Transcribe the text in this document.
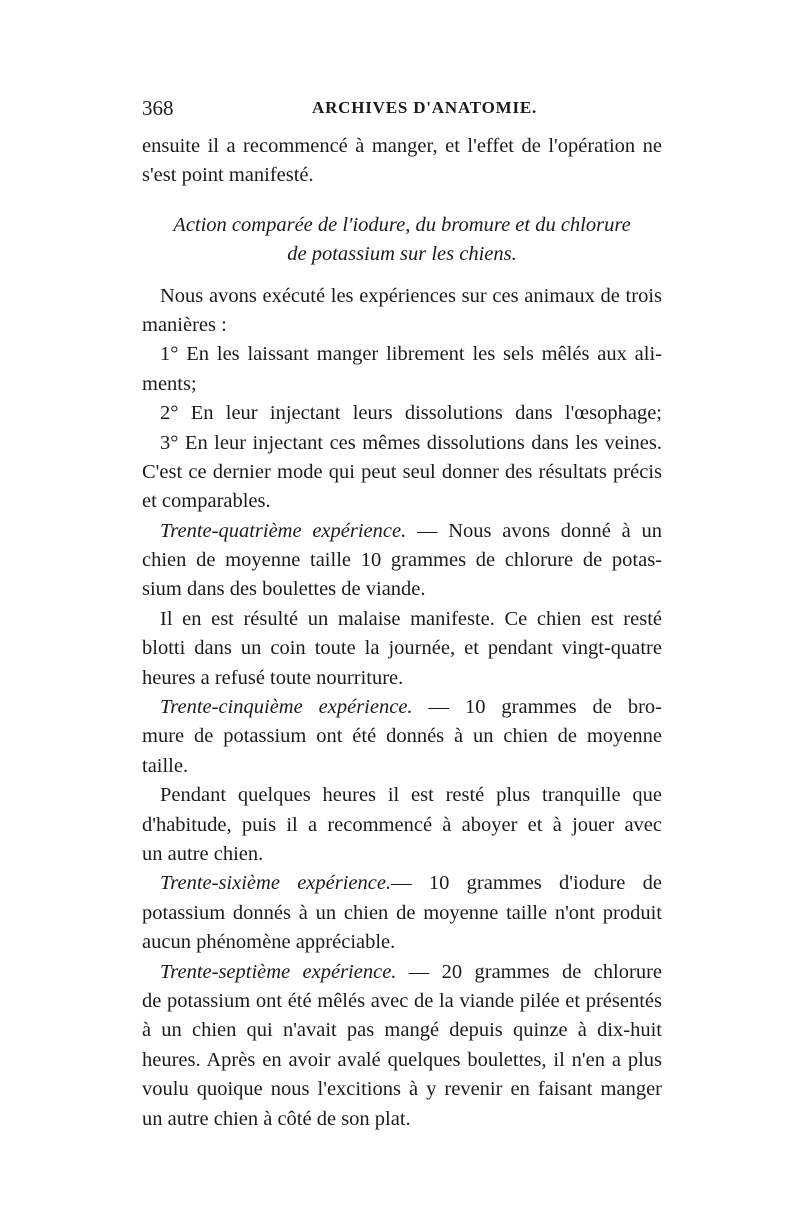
368	ARCHIVES D'ANATOMIE.
ensuite il a recommencé à manger, et l'effet de l'opération ne
s'est point manifesté.
Action comparée de l'iodure, du bromure et du chlorure
de potassium sur les chiens.
Nous avons exécuté les expériences sur ces animaux de trois
manières :
1° En les laissant manger librement les sels mêlés aux ali-
ments;
2° En leur injectant leurs dissolutions dans l'œsophage;
3° En leur injectant ces mêmes dissolutions dans les veines.
C'est ce dernier mode qui peut seul donner des résultats précis
et comparables.
Trente-quatrième expérience. — Nous avons donné à un
chien de moyenne taille 10 grammes de chlorure de potas-
sium dans des boulettes de viande.
Il en est résulté un malaise manifeste. Ce chien est resté
blotti dans un coin toute la journée, et pendant vingt-quatre
heures a refusé toute nourriture.
Trente-cinquième expérience. — 10 grammes de bro-
mure de potassium ont été donnés à un chien de moyenne
taille.
Pendant quelques heures il est resté plus tranquille que
d'habitude, puis il a recommencé à aboyer et à jouer avec
un autre chien.
Trente-sixième expérience.— 10 grammes d'iodure de
potassium donnés à un chien de moyenne taille n'ont produit
aucun phénomène appréciable.
Trente-septième expérience. — 20 grammes de chlorure
de potassium ont été mêlés avec de la viande pilée et présentés
à un chien qui n'avait pas mangé depuis quinze à dix-huit
heures. Après en avoir avalé quelques boulettes, il n'en a plus
voulu quoique nous l'excitions à y revenir en faisant manger
un autre chien à côté de son plat.
